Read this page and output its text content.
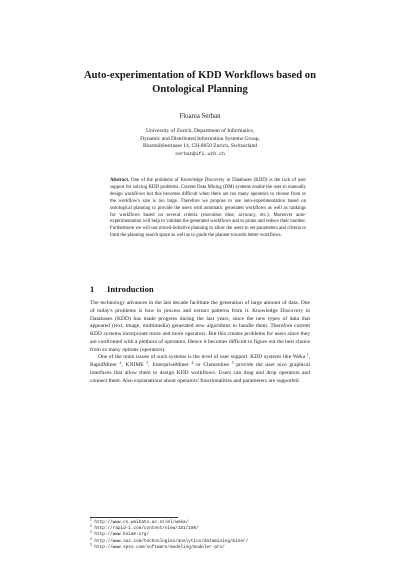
Auto-experimentation of KDD Workflows based on Ontological Planning
Floarea Serban
University of Zurich, Department of Informatics,
Dynamic and Distributed Information Systems Group,
Binzmühlestrasse 14, CH-8050 Zurich, Switzerland
serban@ifi.uzh.ch
Abstract. One of the problems of Knowledge Discovery in Databases (KDD) is the lack of user support for solving KDD problems. Current Data Mining (DM) systems enable the user to manually design workflows but this becomes difficult when there are too many operators to choose from or the workflow's size is too large. Therefore we propose to use auto-experimentation based on ontological planning to provide the users with automatic generated workflows as well as rankings for workflows based on several criteria (execution time, accuracy, etc.). Moreover auto-experimentation will help to validate the generated workflows and to prune and reduce their number. Furthermore we will use mixed-initiative planning to allow the users to set parameters and criteria to limit the planning search space as well as to guide the planner towards better workflows.
1 Introduction

The technology advances in the last decade facilitate the generation of large amount of data. One of today's problems is how to process and extract patterns from it. Knowledge Discovery in Databases (KDD) has made progress during the last years, since the new types of data that appeared (text, image, multimedia) generated new algorithms to handle them. Therefore current KDD systems incorporate more and more operators. But this creates problems for users since they are confronted with a plethora of operators. Hence it becomes difficult to figure out the best choice from so many options (operators).

One of the main issues of such systems is the level of user support. KDD systems like Weka $^1$, RapidMiner $^2$, KNIME $^3$, EnterpriseMiner $^4$ or Clementine $^5$ provide the user nice graphical interfaces that allow them to design KDD workflows. Users can drag and drop operators and connect them. Also explanations about operators' functionalities and parameters are supported.

$^1$ http://www.cs.waikato.ac.nz/ml/weka/
$^2$ http://rapid-i.com/content/view/181/190/
$^3$ http://www.knime.org/
$^4$ http://www.sas.com/technologies/analytics/datamining/miner/
$^5$ http://www.spss.com/software/modeling/modeler-pro/
